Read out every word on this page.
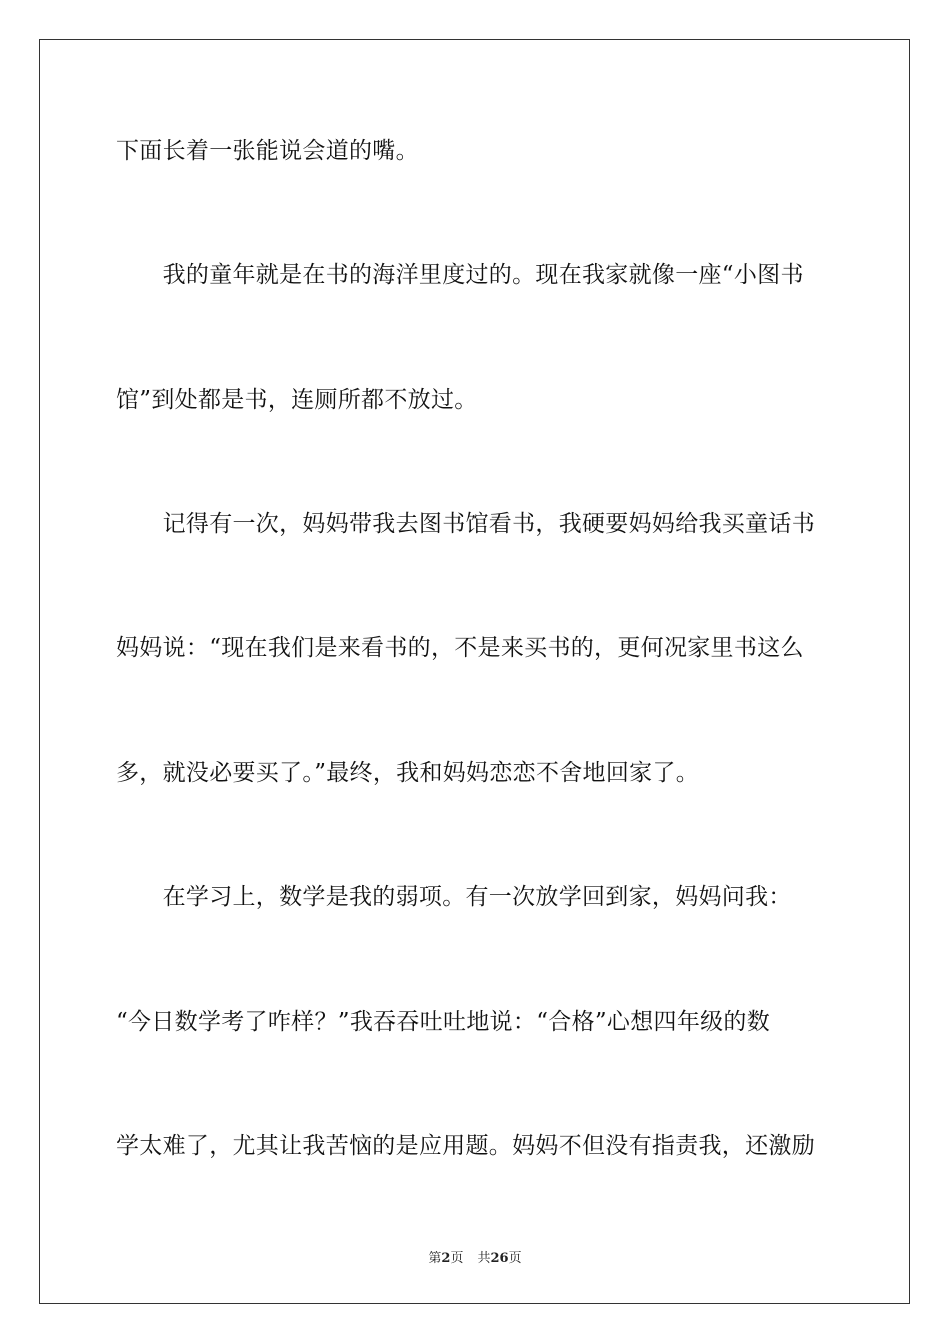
下面长着一张能说会道的嘴。
　　我的童年就是在书的海洋里度过的。现在我家就像一座“小图书
馆”到处都是书，连厕所都不放过。
　　记得有一次，妈妈带我去图书馆看书，我硬要妈妈给我买童话书
妈妈说：“现在我们是来看书的，不是来买书的，更何况家里书这么
多，就没必要买了。”最终，我和妈妈恋恋不舍地回家了。
　　在学习上，数学是我的弱项。有一次放学回到家，妈妈问我：
“今日数学考了咋样？”我吞吞吐吐地说：“合格”心想四年级的数
学太难了，尤其让我苦恼的是应用题。妈妈不但没有指责我，还激励
第2页 共26页
